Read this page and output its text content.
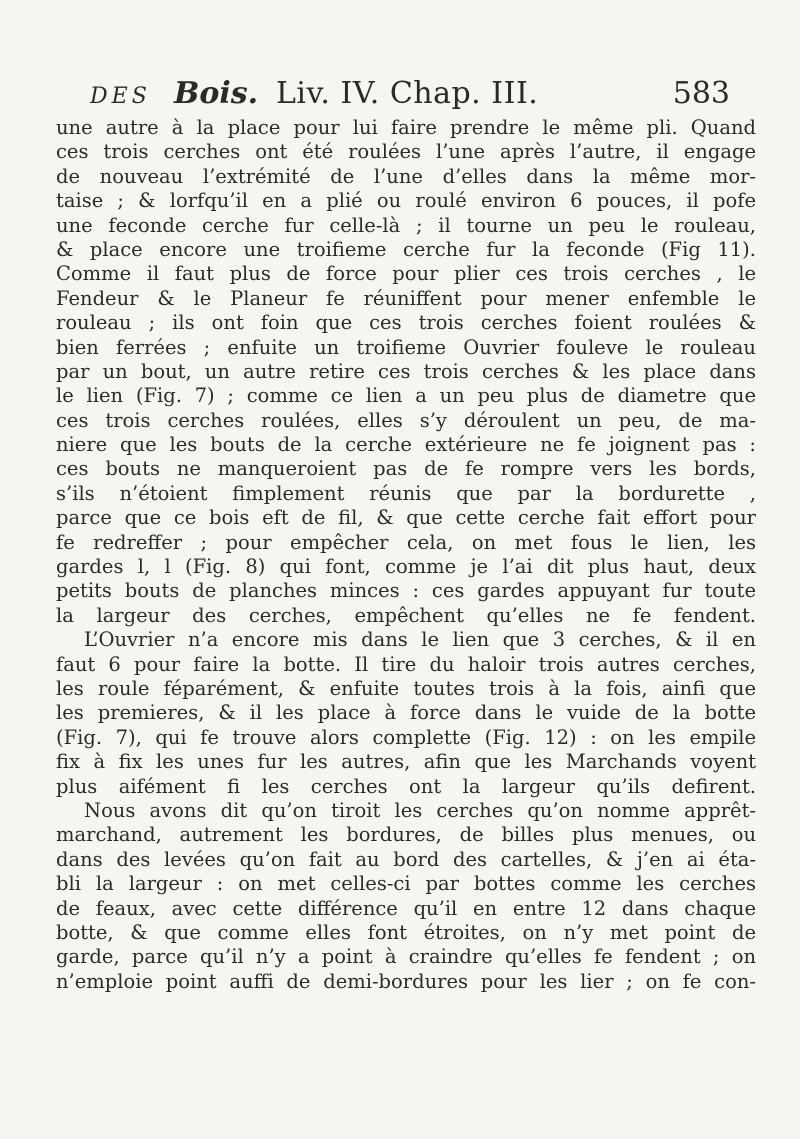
DES Bois. Liv. IV. Chap. III.	583
une autre à la place pour lui faire prendre le même pli. Quand
ces trois cerches ont été roulées l’une après l’autre, il engage
de nouveau l’extrémité de l’une d’elles dans la même mor-
taise ; & lorfqu’il en a plié ou roulé environ 6 pouces, il pofe
une feconde cerche fur celle-là ; il tourne un peu le rouleau,
& place encore une troifieme cerche fur la feconde (Fig 11).
Comme il faut plus de force pour plier ces trois cerches , le
Fendeur & le Planeur fe réuniffent pour mener enfemble le
rouleau ; ils ont foin que ces trois cerches foient roulées &
bien ferrées ; enfuite un troifieme Ouvrier fouleve le rouleau
par un bout, un autre retire ces trois cerches & les place dans
le lien (Fig. 7) ; comme ce lien a un peu plus de diametre que
ces trois cerches roulées, elles s’y déroulent un peu, de ma-
niere que les bouts de la cerche extérieure ne fe joignent pas :
ces bouts ne manqueroient pas de fe rompre vers les bords,
s’ils n’étoient fimplement réunis que par la bordurette ,
parce que ce bois eft de fil, & que cette cerche fait effort pour
fe redreffer ; pour empêcher cela, on met fous le lien, les
gardes l, l (Fig. 8) qui font, comme je l’ai dit plus haut, deux
petits bouts de planches minces : ces gardes appuyant fur toute
la largeur des cerches, empêchent qu’elles ne fe fendent.
L’Ouvrier n’a encore mis dans le lien que 3 cerches, & il en
faut 6 pour faire la botte. Il tire du haloir trois autres cerches,
les roule féparément, & enfuite toutes trois à la fois, ainfi que
les premieres, & il les place à force dans le vuide de la botte
(Fig. 7), qui fe trouve alors complette (Fig. 12) : on les empile
fix à fix les unes fur les autres, afin que les Marchands voyent
plus aifément fi les cerches ont la largeur qu’ils defirent.
Nous avons dit qu’on tiroit les cerches qu’on nomme apprêt-
marchand, autrement les bordures, de billes plus menues, ou
dans des levées qu’on fait au bord des cartelles, & j’en ai éta-
bli la largeur : on met celles-ci par bottes comme les cerches
de feaux, avec cette différence qu’il en entre 12 dans chaque
botte, & que comme elles font étroites, on n’y met point de
garde, parce qu’il n’y a point à craindre qu’elles fe fendent ; on
n’emploie point auffi de demi-bordures pour les lier ; on fe con-
